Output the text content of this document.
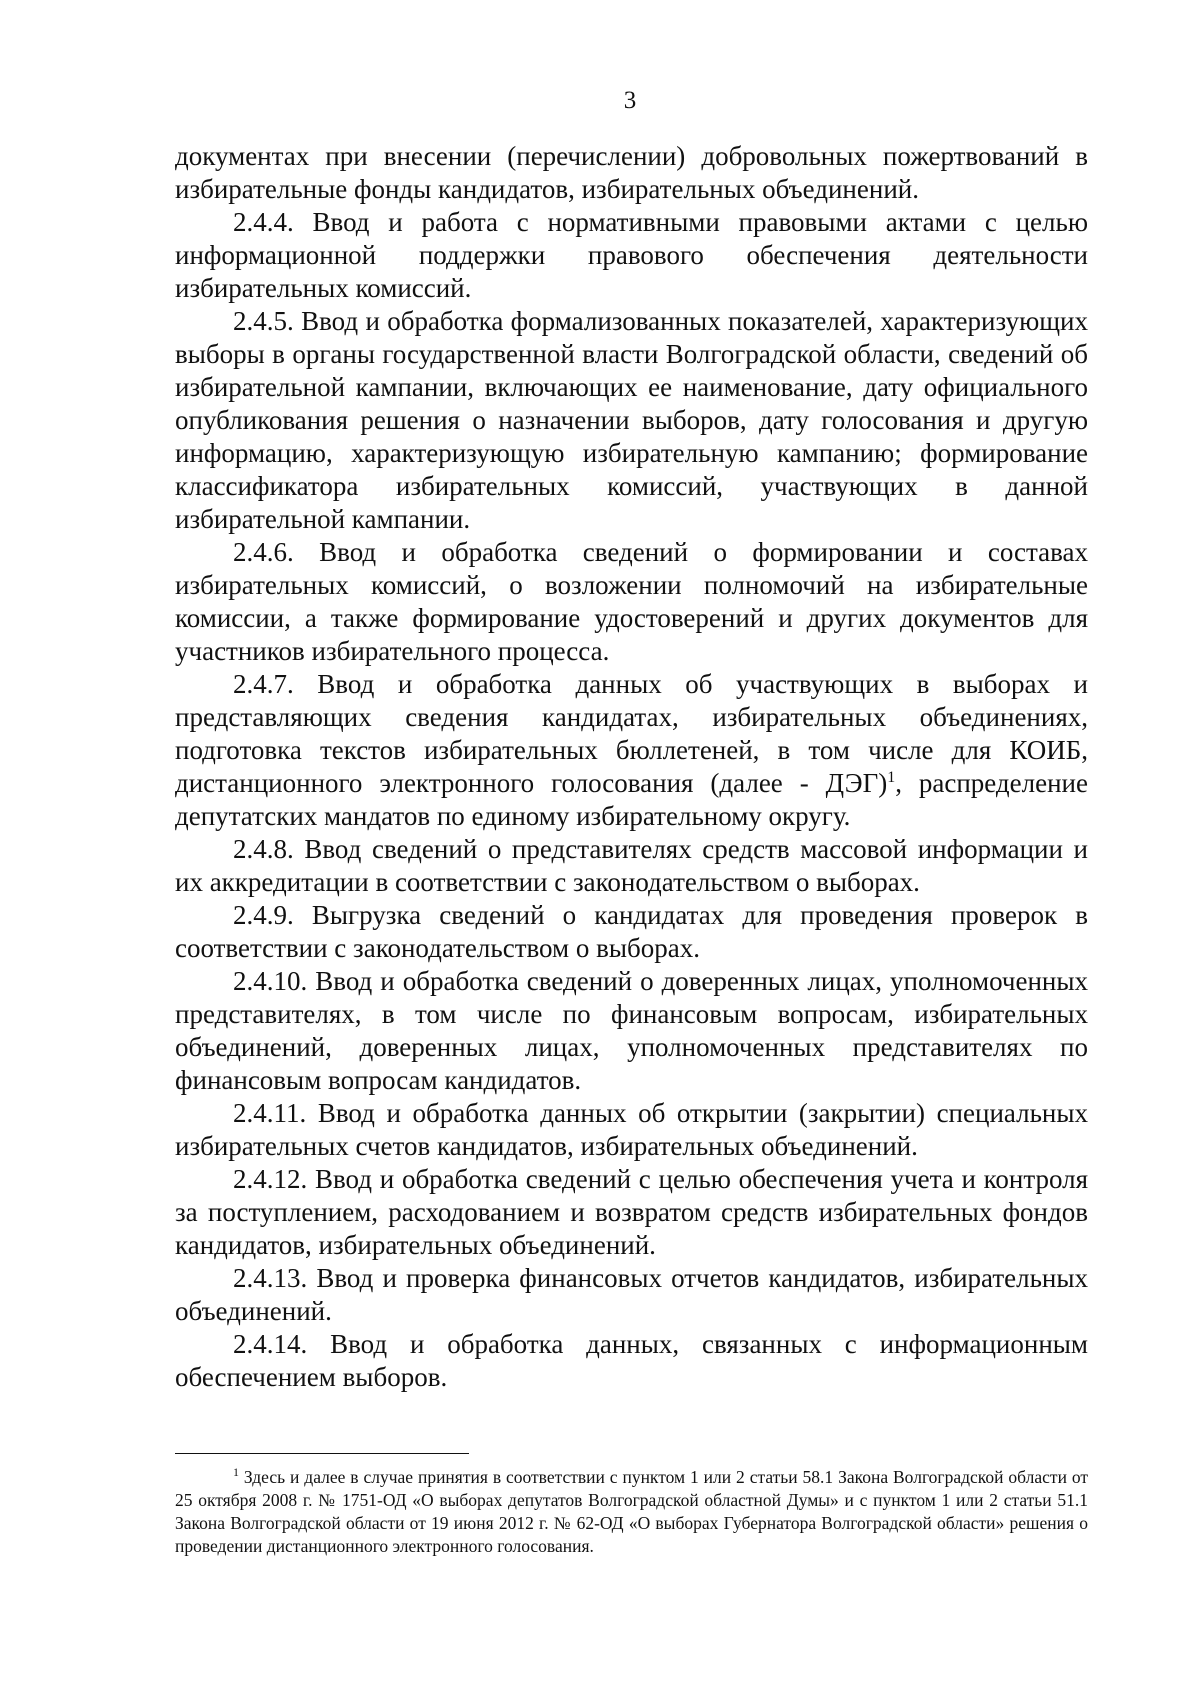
3

документах при внесении (перечислении) добровольных пожертвований в избирательные фонды кандидатов, избирательных объединений.

2.4.4. Ввод и работа с нормативными правовыми актами с целью информационной поддержки правового обеспечения деятельности избирательных комиссий.

2.4.5. Ввод и обработка формализованных показателей, характеризующих выборы в органы государственной власти Волгоградской области, сведений об избирательной кампании, включающих ее наименование, дату официального опубликования решения о назначении выборов, дату голосования и другую информацию, характеризующую избирательную кампанию; формирование классификатора избирательных комиссий, участвующих в данной избирательной кампании.

2.4.6. Ввод и обработка сведений о формировании и составах избирательных комиссий, о возложении полномочий на избирательные комиссии, а также формирование удостоверений и других документов для участников избирательного процесса.

2.4.7. Ввод и обработка данных об участвующих в выборах и представляющих сведения кандидатах, избирательных объединениях, подготовка текстов избирательных бюллетеней, в том числе для КОИБ, дистанционного электронного голосования (далее - ДЭГ)$^1$, распределение депутатских мандатов по единому избирательному округу.

2.4.8. Ввод сведений о представителях средств массовой информации и их аккредитации в соответствии с законодательством о выборах.

2.4.9. Выгрузка сведений о кандидатах для проведения проверок в соответствии с законодательством о выборах.

2.4.10. Ввод и обработка сведений о доверенных лицах, уполномоченных представителях, в том числе по финансовым вопросам, избирательных объединений, доверенных лицах, уполномоченных представителях по финансовым вопросам кандидатов.

2.4.11. Ввод и обработка данных об открытии (закрытии) специальных избирательных счетов кандидатов, избирательных объединений.

2.4.12. Ввод и обработка сведений с целью обеспечения учета и контроля за поступлением, расходованием и возвратом средств избирательных фондов кандидатов, избирательных объединений.

2.4.13. Ввод и проверка финансовых отчетов кандидатов, избирательных объединений.

2.4.14. Ввод и обработка данных, связанных с информационным обеспечением выборов.

$^1$ Здесь и далее в случае принятия в соответствии с пунктом 1 или 2 статьи 58.1 Закона Волгоградской области от 25 октября 2008 г. № 1751-ОД «О выборах депутатов Волгоградской областной Думы» и с пунктом 1 или 2 статьи 51.1 Закона Волгоградской области от 19 июня 2012 г. № 62-ОД «О выборах Губернатора Волгоградской области» решения о проведении дистанционного электронного голосования.
